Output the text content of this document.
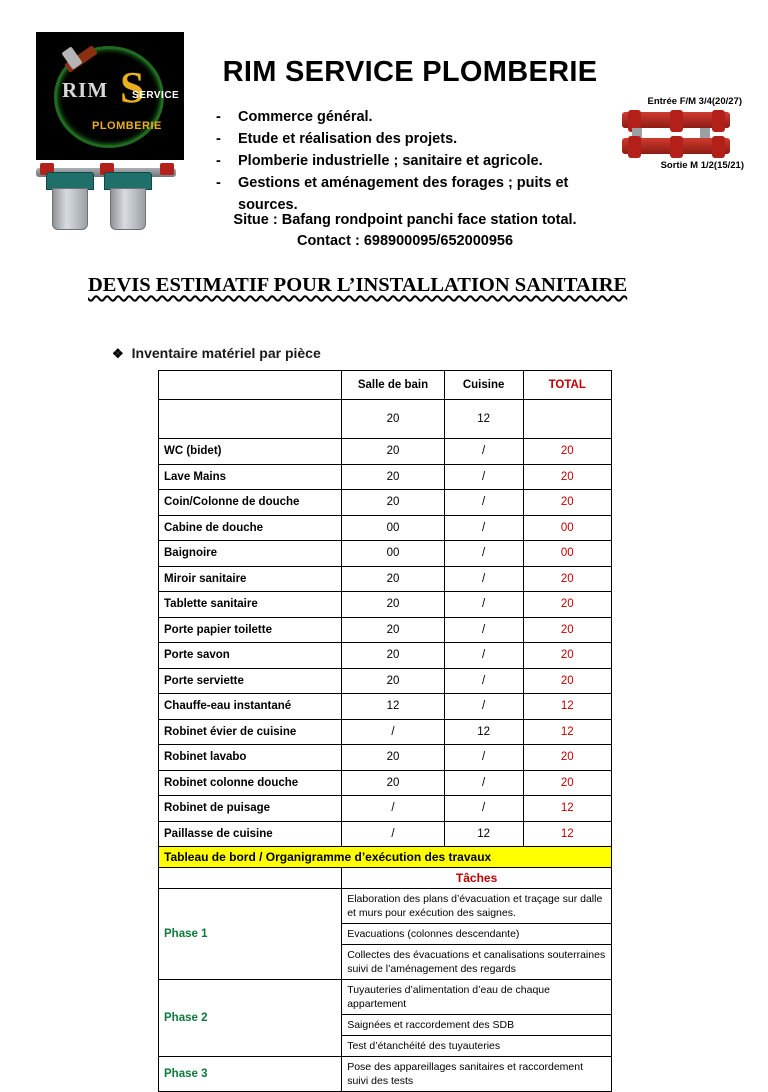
RIM S
SERVICE
PLOMBERIE
RIM SERVICE PLOMBERIE
- Commerce général.
- Etude et réalisation des projets.
- Plomberie industrielle ; sanitaire et agricole.
- Gestions et aménagement des forages ; puits et sources.
Situe : Bafang rondpoint panchi face station total.
Contact : 698900095/652000956
Entrée F/M 3/4(20/27)
Sortie M 1/2(15/21)
DEVIS ESTIMATIF POUR L’INSTALLATION SANITAIRE
❖ Inventaire matériel par pièce
	Salle de bain	Cuisine	TOTAL
	20	12	
WC (bidet)	20	/	20
Lave Mains	20	/	20
Coin/Colonne de douche	20	/	20
Cabine de douche	00	/	00
Baignoire	00	/	00
Miroir sanitaire	20	/	20
Tablette sanitaire	20	/	20
Porte papier toilette	20	/	20
Porte savon	20	/	20
Porte serviette	20	/	20
Chauffe-eau instantané	12	/	12
Robinet évier de cuisine	/	12	12
Robinet lavabo	20	/	20
Robinet colonne douche	20	/	20
Robinet de puisage	/	/	12
Paillasse de cuisine	/	12	12
Tableau de bord / Organigramme d’exécution des travaux			
	Tâches		
Phase 1	Elaboration des plans d’évacuation et traçage sur dalle et murs pour exécution des saignes.		
	Evacuations (colonnes descendante)		
	Collectes des évacuations et canalisations souterraines suivi de l’aménagement des regards		
Phase 2	Tuyauteries d’alimentation d’eau de chaque appartement		
	Saignées et raccordement des SDB		
	Test d’étanchéité des tuyauteries		
Phase 3	Pose des appareillages sanitaires et raccordement suivi des tests		
